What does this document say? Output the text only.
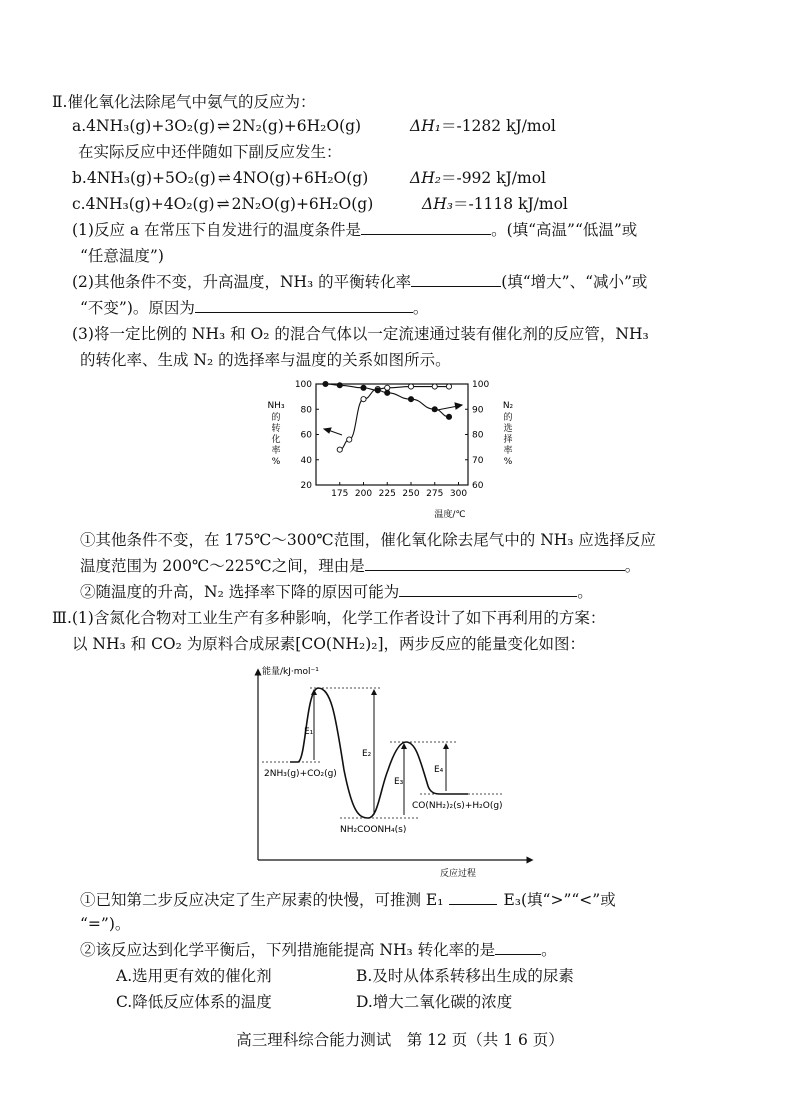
Ⅱ.催化氧化法除尾气中氨气的反应为：
a.4NH₃(g)+3O₂(g) ⇌ 2N₂(g)+6H₂O(g)	ΔH₁＝-1282 kJ/mol
在实际反应中还伴随如下副反应发生：
b.4NH₃(g)+5O₂(g) ⇌ 4NO(g)+6H₂O(g)	ΔH₂＝-992 kJ/mol
c.4NH₃(g)+4O₂(g) ⇌ 2N₂O(g)+6H₂O(g)	ΔH₃＝-1118 kJ/mol
(1)反应 a 在常压下自发进行的温度条件是	。(填“高温”“低温”或
“任意温度”)
(2)其他条件不变，升高温度，NH₃ 的平衡转化率	(填“增大”、“减小”或
“不变”)。原因为	。
(3)将一定比例的 NH₃ 和 O₂ 的混合气体以一定流速通过装有催化剂的反应管，NH₃
的转化率、生成 N₂ 的选择率与温度的关系如图所示。
100
80
60
40
20
100
90
80
70
60
175 200 225 250 275 300
NH₃
的转化率%
N₂
的选择率%
温度/℃
①其他条件不变，在 175℃～300℃范围，催化氧化除去尾气中的 NH₃ 应选择反应
温度范围为 200℃～225℃之间，理由是	。
②随温度的升高，N₂ 选择率下降的原因可能为	。
Ⅲ.(1)含氮化合物对工业生产有多种影响，化学工作者设计了如下再利用的方案：
以 NH₃ 和 CO₂ 为原料合成尿素[CO(NH₂)₂]，两步反应的能量变化如图：
能量/kJ·mol⁻¹
反应过程
E₁
E₂
E₃
E₄
2NH₃(g)+CO₂(g)
NH₂COONH₄(s)
CO(NH₂)₂(s)+H₂O(g)
①已知第二步反应决定了生产尿素的快慢，可推测 E₁	E₃(填“>”“<”或
“=”)。
②该反应达到化学平衡后，下列措施能提高 NH₃ 转化率的是	。
A.选用更有效的催化剂	B.及时从体系转移出生成的尿素
C.降低反应体系的温度	D.增大二氧化碳的浓度
高三理科综合能力测试　第 12 页（共 1 6 页）
